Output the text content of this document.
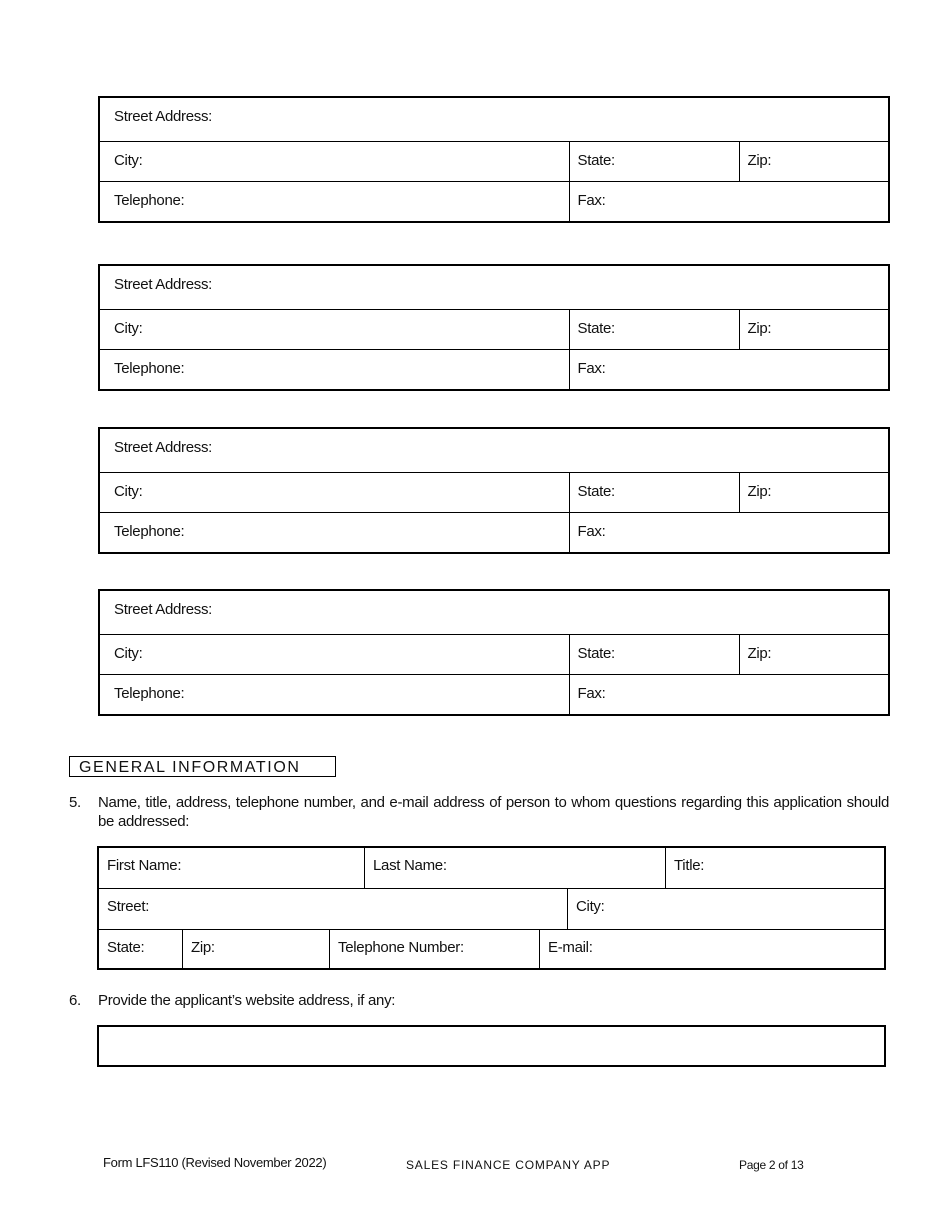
Street Address:		
City:	State:	Zip:
Telephone:	Fax:	
Street Address:		
City:	State:	Zip:
Telephone:	Fax:	
Street Address:		
City:	State:	Zip:
Telephone:	Fax:	
Street Address:		
City:	State:	Zip:
Telephone:	Fax:	
GENERAL INFORMATION
5. Name, title, address, telephone number, and e-mail address of person to whom questions regarding this application should be addressed:
First Name:	Last Name:	Title:
Street:	City:
State:	Zip:	Telephone Number:	E-mail:
6. Provide the applicant’s website address, if any:
Form LFS110 (Revised November 2022)	SALES FINANCE COMPANY APP	Page 2 of 13
